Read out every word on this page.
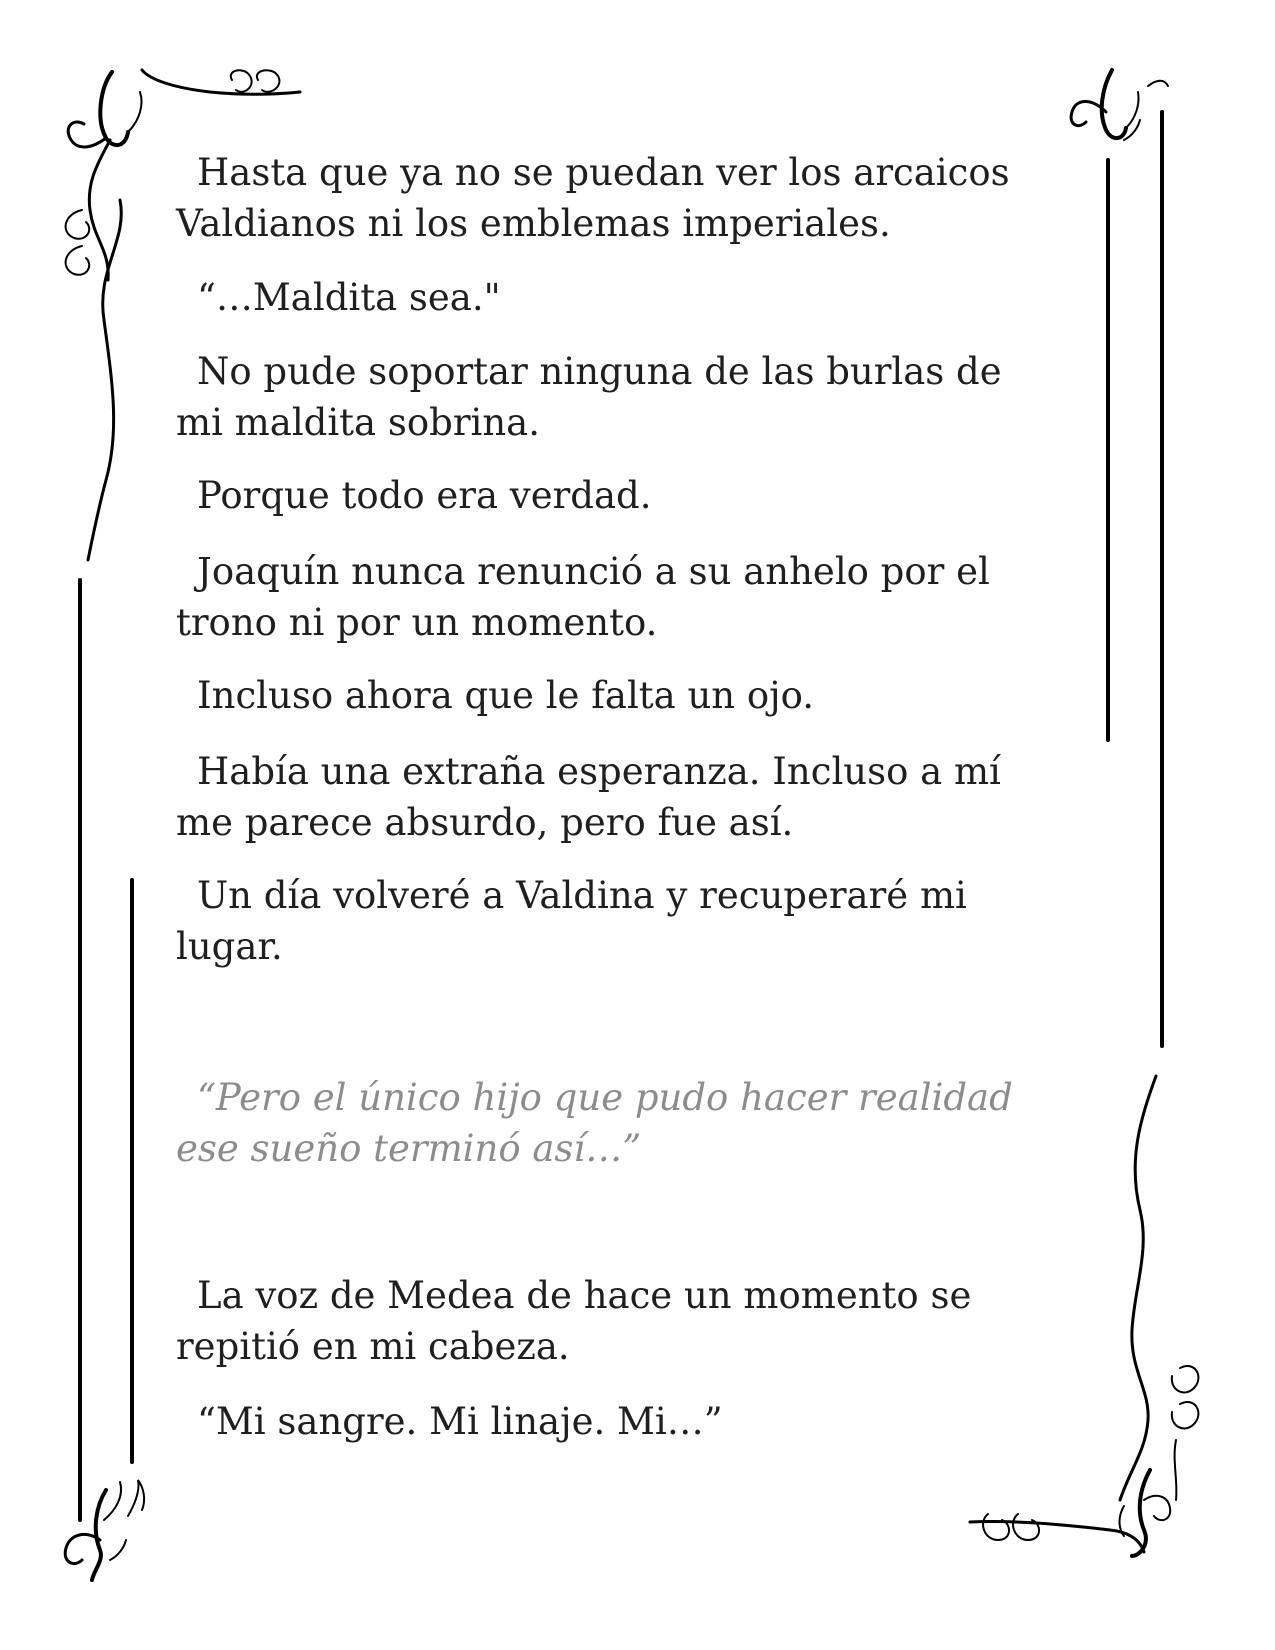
Hasta que ya no se puedan ver los arcaicos Valdianos ni los emblemas imperiales.

“…Maldita sea."

No pude soportar ninguna de las burlas de mi maldita sobrina.

Porque todo era verdad.

Joaquín nunca renunció a su anhelo por el trono ni por un momento.

Incluso ahora que le falta un ojo.

Había una extraña esperanza. Incluso a mí me parece absurdo, pero fue así.

Un día volveré a Valdina y recuperaré mi lugar.

“Pero el único hijo que pudo hacer realidad ese sueño terminó así…”

La voz de Medea de hace un momento se repitió en mi cabeza.

“Mi sangre. Mi linaje. Mi…”
